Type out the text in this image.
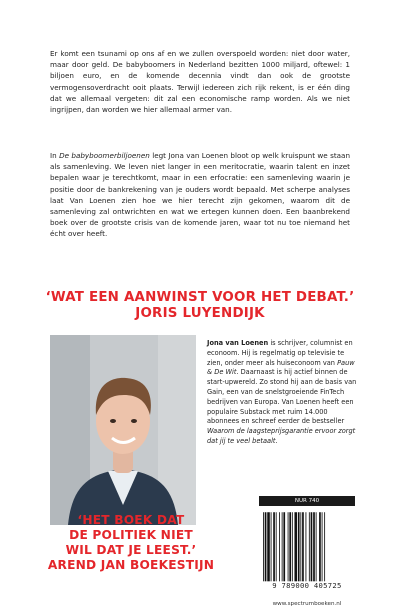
Er komt een tsunami op ons af en we zullen overspoeld worden: niet door water, maar door geld. De babyboomers in Nederland bezitten 1000 miljard, oftewel: 1 biljoen euro, en de komende decennia vindt dan ook de grootste vermogensoverdracht ooit plaats. Terwijl iedereen zich rijk rekent, is er één ding dat we allemaal vergeten: dit zal een economische ramp worden. Als we niet ingrijpen, dan worden we hier allemaal armer van.

In De babyboomerbiljoenen legt Jona van Loenen bloot op welk kruispunt we staan als samenleving. We leven niet langer in een meritocratie, waarin talent en inzet bepalen waar je terechtkomt, maar in een erfocratie: een samenleving waarin je positie door de bankrekening van je ouders wordt bepaald. Met scherpe analyses laat Van Loenen zien hoe we hier terecht zijn gekomen, waarom dit de samenleving zal ontwrichten en wat we ertegen kunnen doen. Een baanbrekend boek over de grootste crisis van de komende jaren, waar tot nu toe niemand het écht over heeft.

‘WAT EEN AANWINST VOOR HET DEBAT.’
JORIS LUYENDIJK

Jona van Loenen is schrijver, columnist en econoom. Hij is regelmatig op televisie te zien, onder meer als huiseconoom van Pauw & De Wit. Daarnaast is hij actief binnen de start-upwereld. Zo stond hij aan de basis van Gain, een van de snelstgroeiende FinTech bedrijven van Europa. Van Loenen heeft een populaire Substack met ruim 14.000 abonnees en schreef eerder de bestseller Waarom de laagsteprijsgarantie ervoor zorgt dat jij te veel betaalt.

‘HET BOEK DAT
DE POLITIEK NIET
WIL DAT JE LEEST.’
AREND JAN BOEKESTIJN
NUR 740
9 789000 405725
www.spectrumboeken.nl
